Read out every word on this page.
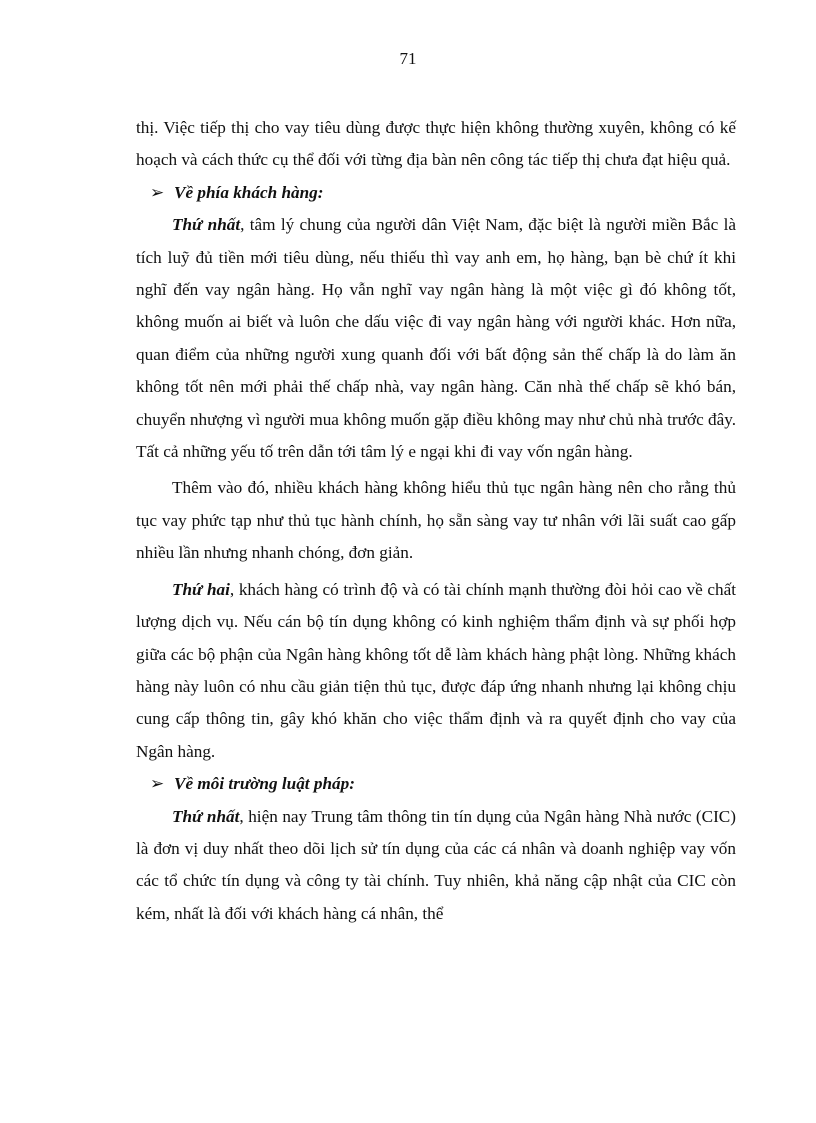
71

thị. Việc tiếp thị cho vay tiêu dùng được thực hiện không thường xuyên, không có kế hoạch và cách thức cụ thể đối với từng địa bàn nên công tác tiếp thị chưa đạt hiệu quả.

➢ Về phía khách hàng:

Thứ nhất, tâm lý chung của người dân Việt Nam, đặc biệt là người miền Bắc là tích luỹ đủ tiền mới tiêu dùng, nếu thiếu thì vay anh em, họ hàng, bạn bè chứ ít khi nghĩ đến vay ngân hàng. Họ vẫn nghĩ vay ngân hàng là một việc gì đó không tốt, không muốn ai biết và luôn che dấu việc đi vay ngân hàng với người khác. Hơn nữa, quan điểm của những người xung quanh đối với bất động sản thế chấp là do làm ăn không tốt nên mới phải thế chấp nhà, vay ngân hàng. Căn nhà thế chấp sẽ khó bán, chuyển nhượng vì người mua không muốn gặp điều không may như chủ nhà trước đây. Tất cả những yếu tố trên dẫn tới tâm lý e ngại khi đi vay vốn ngân hàng.

Thêm vào đó, nhiều khách hàng không hiểu thủ tục ngân hàng nên cho rằng thủ tục vay phức tạp như thủ tục hành chính, họ sẵn sàng vay tư nhân với lãi suất cao gấp nhiều lần nhưng nhanh chóng, đơn giản.

Thứ hai, khách hàng có trình độ và có tài chính mạnh thường đòi hỏi cao về chất lượng dịch vụ. Nếu cán bộ tín dụng không có kinh nghiệm thẩm định và sự phối hợp giữa các bộ phận của Ngân hàng không tốt dễ làm khách hàng phật lòng. Những khách hàng này luôn có nhu cầu giản tiện thủ tục, được đáp ứng nhanh nhưng lại không chịu cung cấp thông tin, gây khó khăn cho việc thẩm định và ra quyết định cho vay của Ngân hàng.

➢ Về môi trường luật pháp:

Thứ nhất, hiện nay Trung tâm thông tin tín dụng của Ngân hàng Nhà nước (CIC) là đơn vị duy nhất theo dõi lịch sử tín dụng của các cá nhân và doanh nghiệp vay vốn các tổ chức tín dụng và công ty tài chính. Tuy nhiên, khả năng cập nhật của CIC còn kém, nhất là đối với khách hàng cá nhân, thể
